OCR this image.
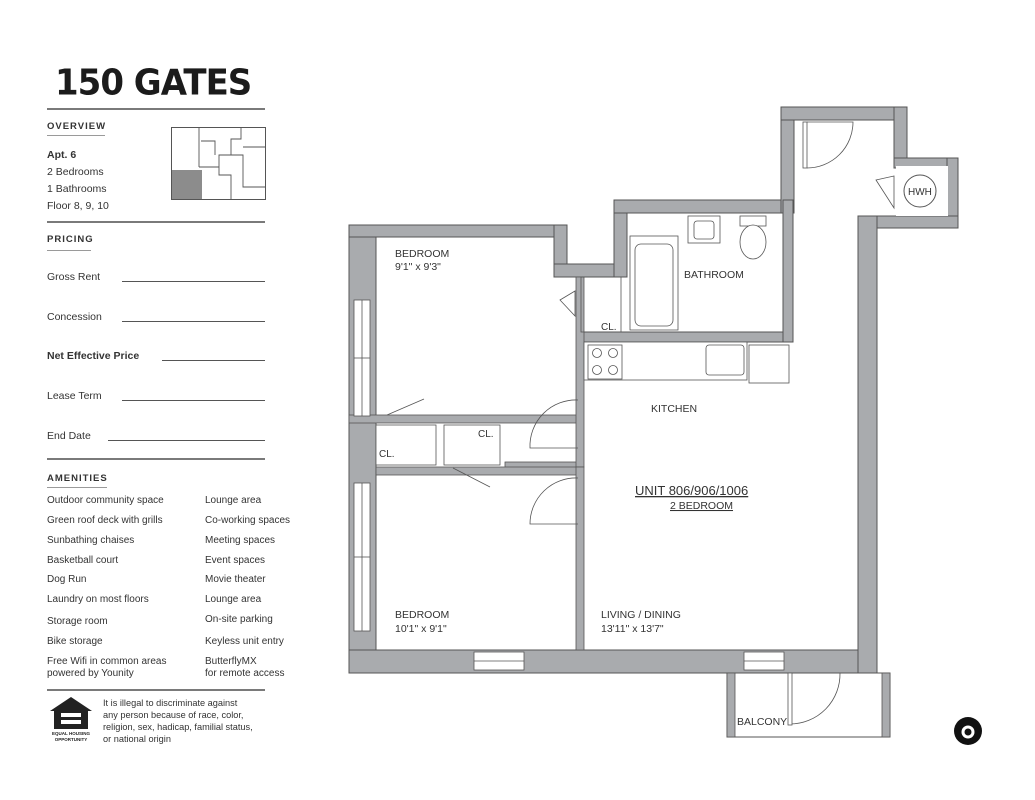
150 GATES
OVERVIEW
Apt. 6
2 Bedrooms
1 Bathrooms
Floor 8, 9, 10
PRICING
Gross Rent
Concession
Net Effective Price
Lease Term
End Date
AMENITIES
Outdoor community space
Green roof deck with grills
Sunbathing chaises
Basketball court
Dog Run
Laundry on most floors
Storage room
Bike storage
Free Wifi in common areas
powered by Younity
Lounge area
Co-working spaces
Meeting spaces
Event spaces
Movie theater
Lounge area
On-site parking
Keyless unit entry
ButterflyMX
for remote access
EQUAL HOUSING OPPORTUNITY
It is illegal to discriminate against
any person because of race, color,
religion, sex, hadicap, familial status,
or national origin
BEDROOM
9'1" x 9'3"
BATHROOM
CL.
KITCHEN
CL.
CL.
UNIT 806/906/1006
2 BEDROOM
BEDROOM
10'1" x 9'1"
LIVING / DINING
13'11" x 13'7"
BALCONY
HWH
